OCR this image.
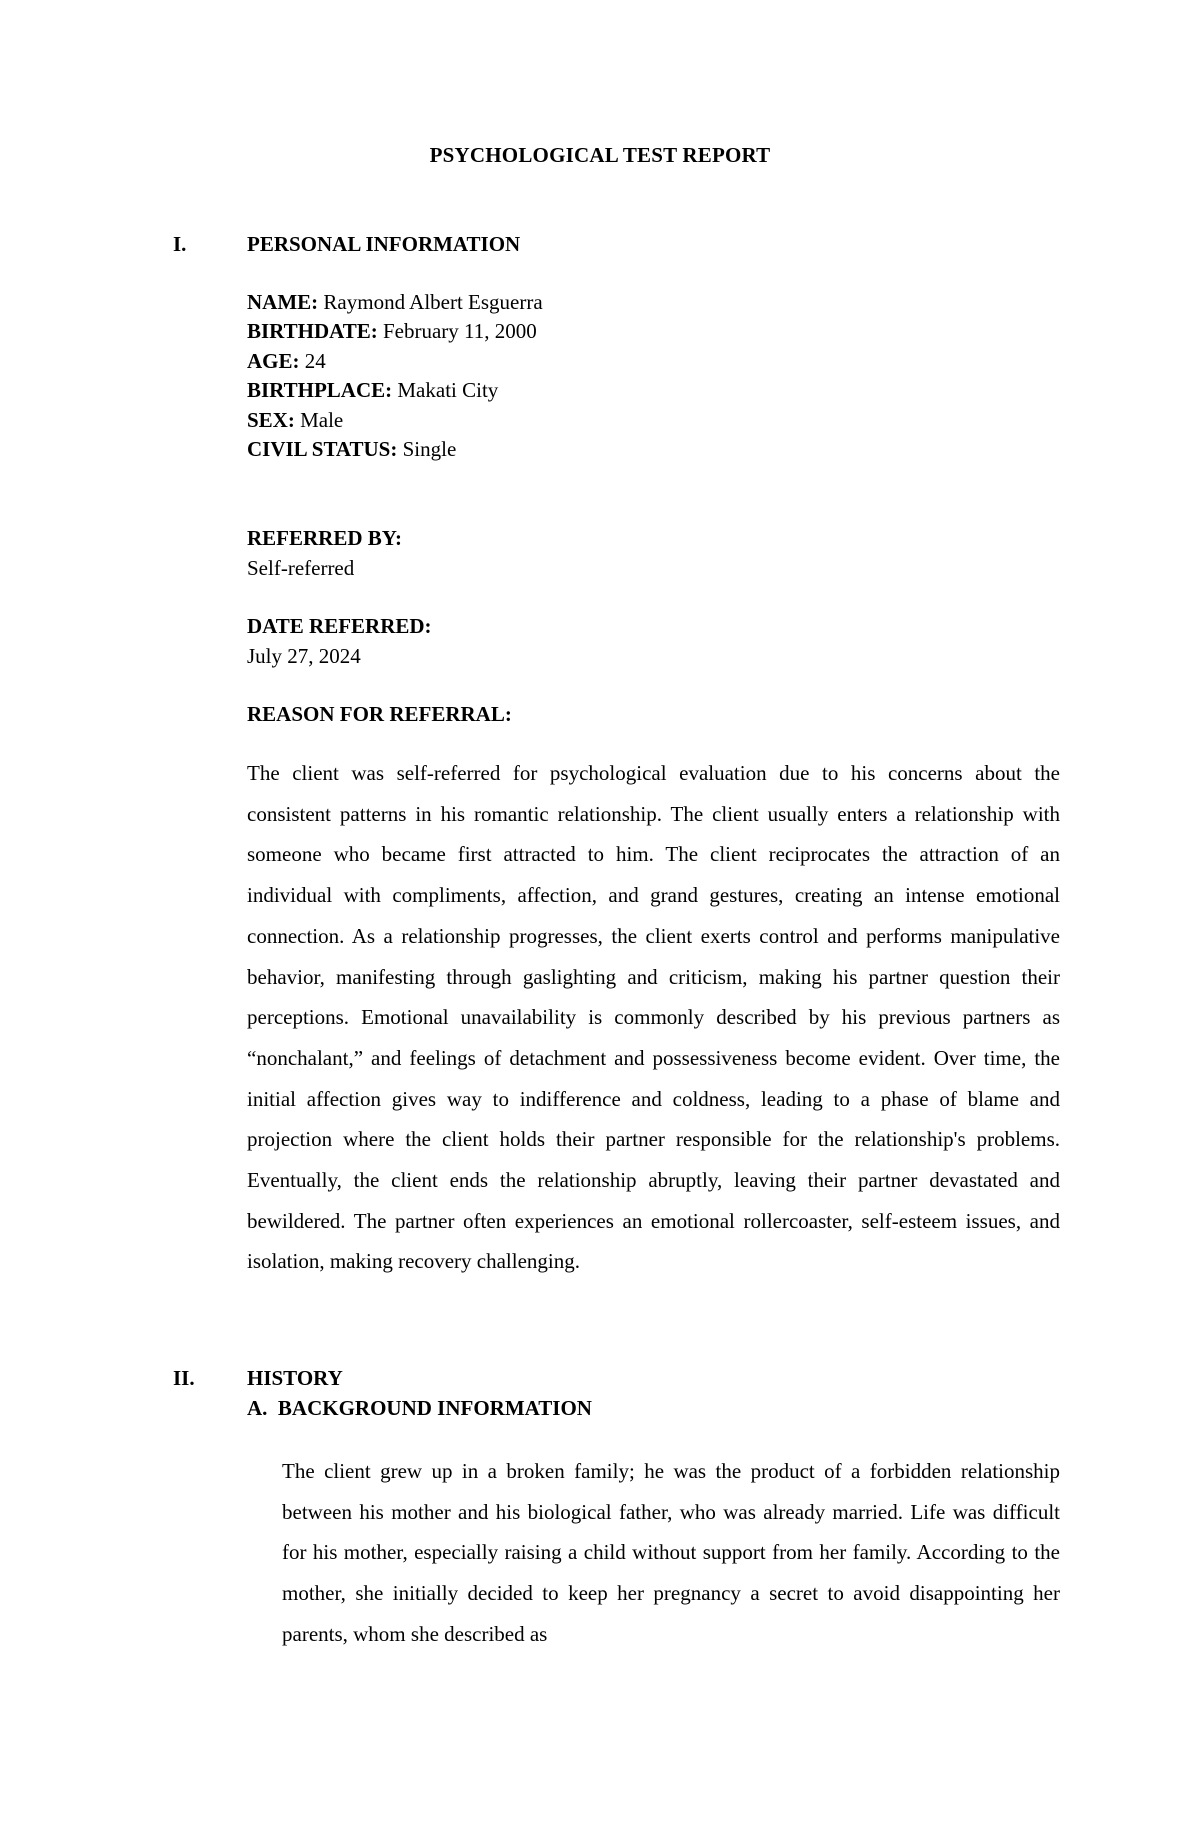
PSYCHOLOGICAL TEST REPORT
I.	PERSONAL INFORMATION

NAME: Raymond Albert Esguerra

BIRTHDATE: February 11, 2000

AGE: 24

BIRTHPLACE: Makati City

SEX: Male

CIVIL STATUS: Single

REFERRED BY:
Self-referred
DATE REFERRED:
July 27, 2024
REASON FOR REFERRAL:

The client was self-referred for psychological evaluation due to his concerns about the consistent patterns in his romantic relationship. The client usually enters a relationship with someone who became first attracted to him. The client reciprocates the attraction of an individual with compliments, affection, and grand gestures, creating an intense emotional connection. As a relationship progresses, the client exerts control and performs manipulative behavior, manifesting through gaslighting and criticism, making his partner question their perceptions. Emotional unavailability is commonly described by his previous partners as “nonchalant,” and feelings of detachment and possessiveness become evident. Over time, the initial affection gives way to indifference and coldness, leading to a phase of blame and projection where the client holds their partner responsible for the relationship's problems. Eventually, the client ends the relationship abruptly, leaving their partner devastated and bewildered. The partner often experiences an emotional rollercoaster, self-esteem issues, and isolation, making recovery challenging.

II. HISTORY
A.  BACKGROUND INFORMATION

The client grew up in a broken family; he was the product of a forbidden relationship between his mother and his biological father, who was already married. Life was difficult for his mother, especially raising a child without support from her family. According to the mother, she initially decided to keep her pregnancy a secret to avoid disappointing her parents, whom she described as
